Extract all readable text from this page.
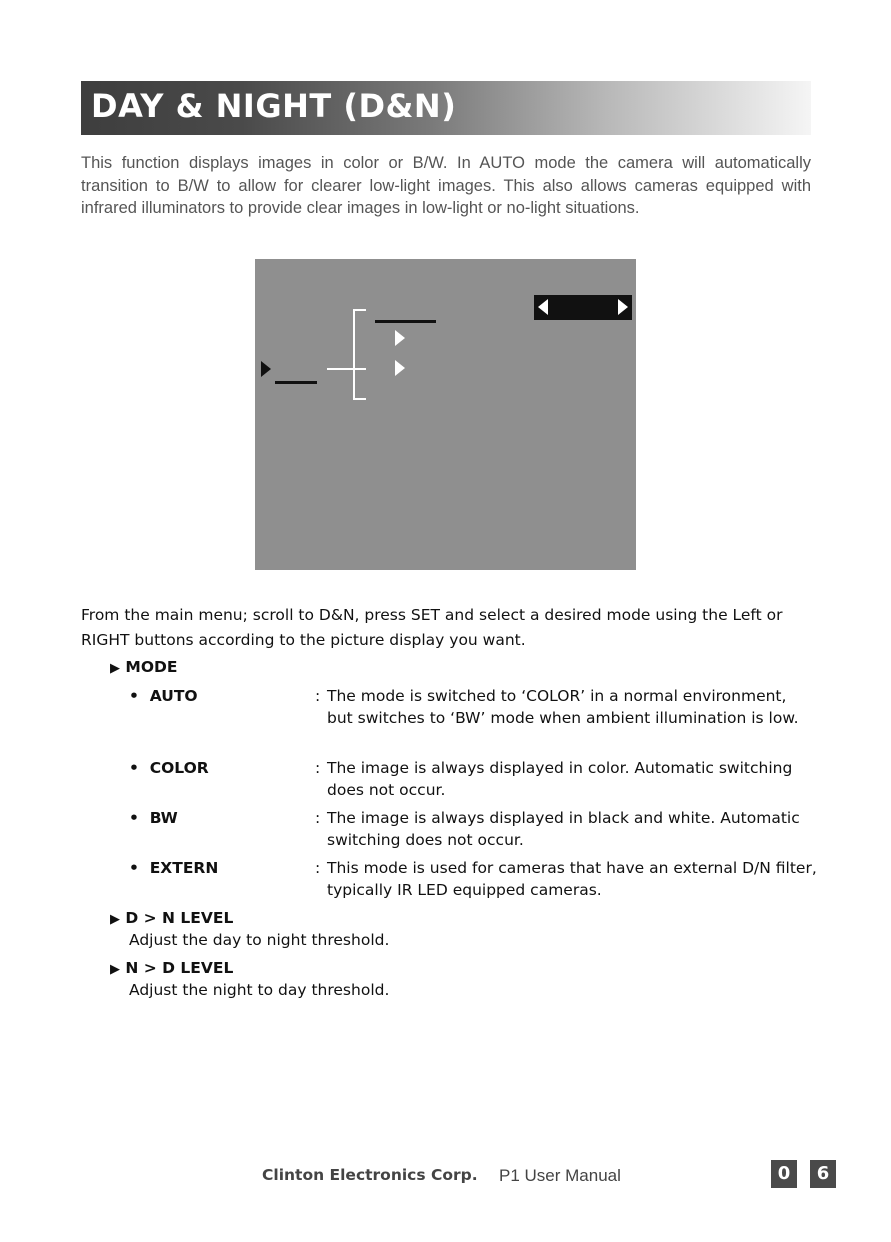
DAY & NIGHT (D&N)
This function displays images in color or B/W. In AUTO mode the camera will automatically transition to B/W to allow for clearer low-light images. This also allows cameras equipped with infrared illuminators to provide clear images in low-light or no-light situations.
From the main menu; scroll to D&N, press SET and select a desired mode using the Left or RIGHT buttons according to the picture display you want.
▶ MODE
• AUTO	: The mode is switched to ‘COLOR’ in a normal environment, but switches to ‘BW’ mode when ambient illumination is low.
• COLOR	: The image is always displayed in color. Automatic switching does not occur.
• BW	: The image is always displayed in black and white. Automatic switching does not occur.
• EXTERN	: This mode is used for cameras that have an external D/N filter, typically IR LED equipped cameras.
▶ D > N LEVEL
Adjust the day to night threshold.
▶ N > D LEVEL
Adjust the night to day threshold.
Clinton Electronics Corp. P1 User Manual	0	6
